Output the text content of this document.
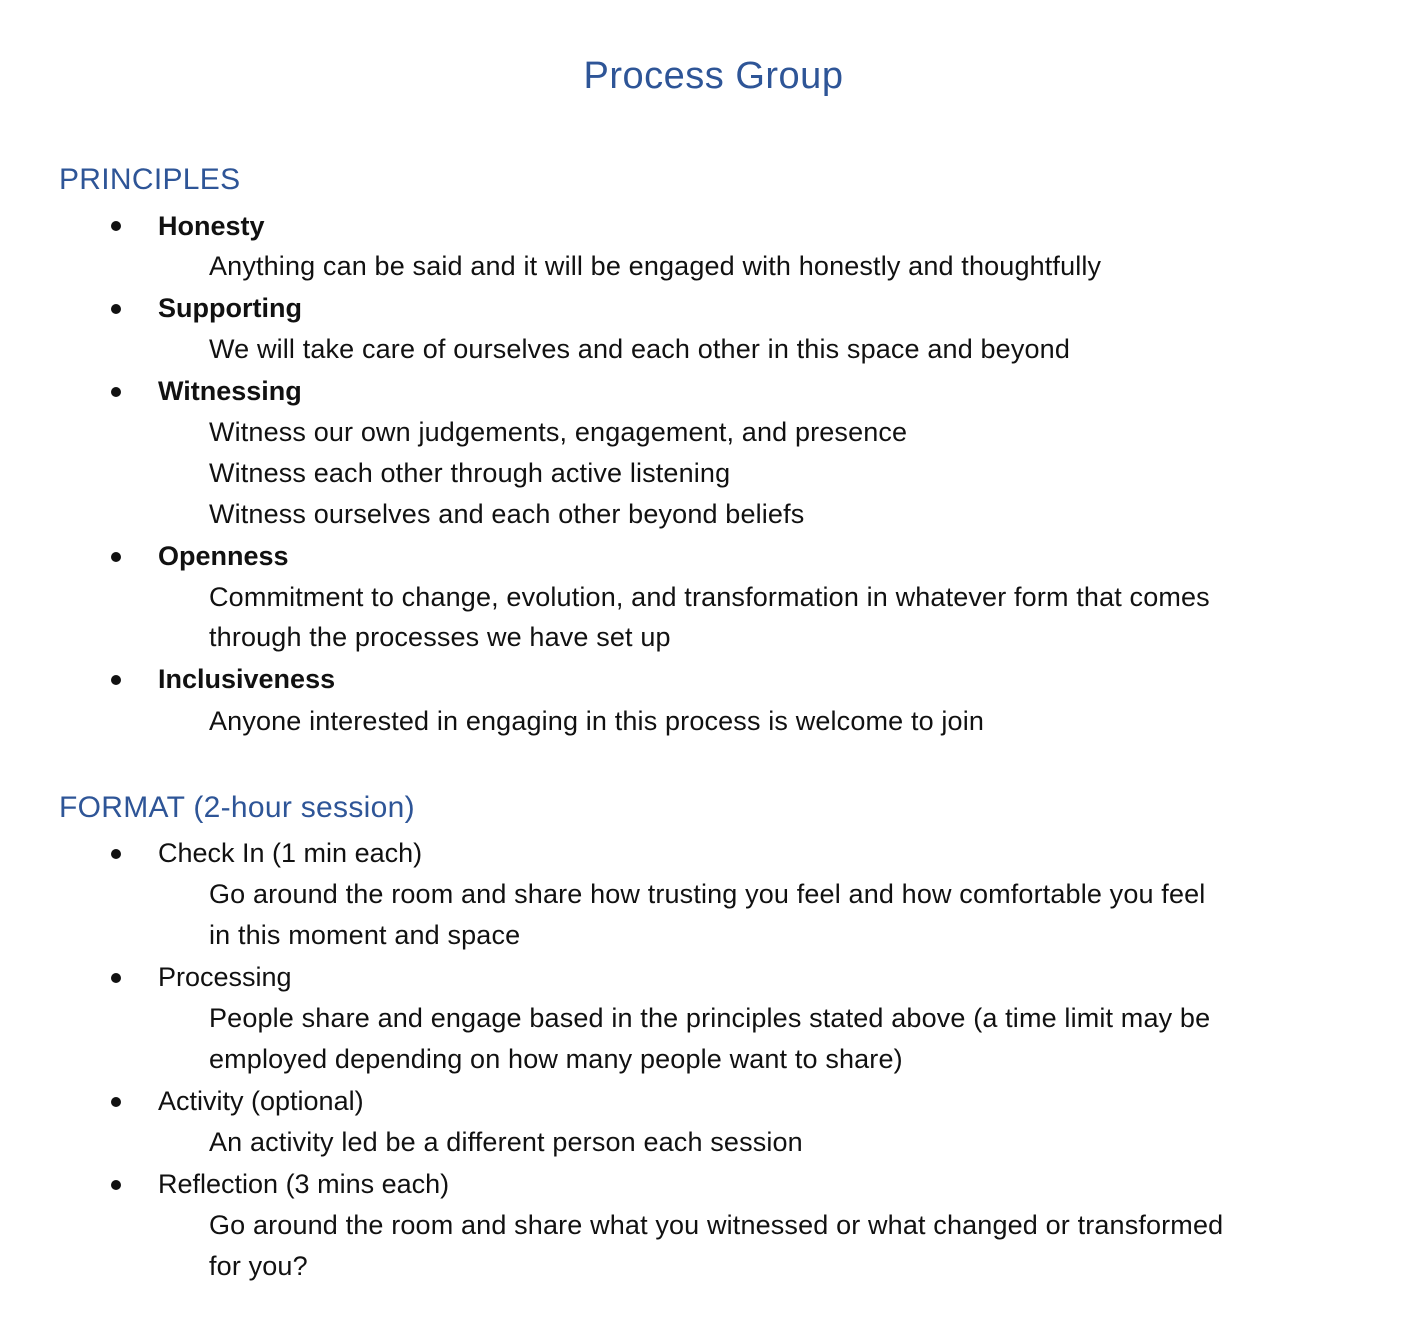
Process Group
PRINCIPLES
Honesty
Anything can be said and it will be engaged with honestly and thoughtfully
Supporting
We will take care of ourselves and each other in this space and beyond
Witnessing
Witness our own judgements, engagement, and presence
Witness each other through active listening
Witness ourselves and each other beyond beliefs
Openness
Commitment to change, evolution, and transformation in whatever form that comes
through the processes we have set up
Inclusiveness
Anyone interested in engaging in this process is welcome to join
FORMAT (2-hour session)
Check In (1 min each)
Go around the room and share how trusting you feel and how comfortable you feel
in this moment and space
Processing
People share and engage based in the principles stated above (a time limit may be
employed depending on how many people want to share)
Activity (optional)
An activity led be a different person each session
Reflection (3 mins each)
Go around the room and share what you witnessed or what changed or transformed
for you?
